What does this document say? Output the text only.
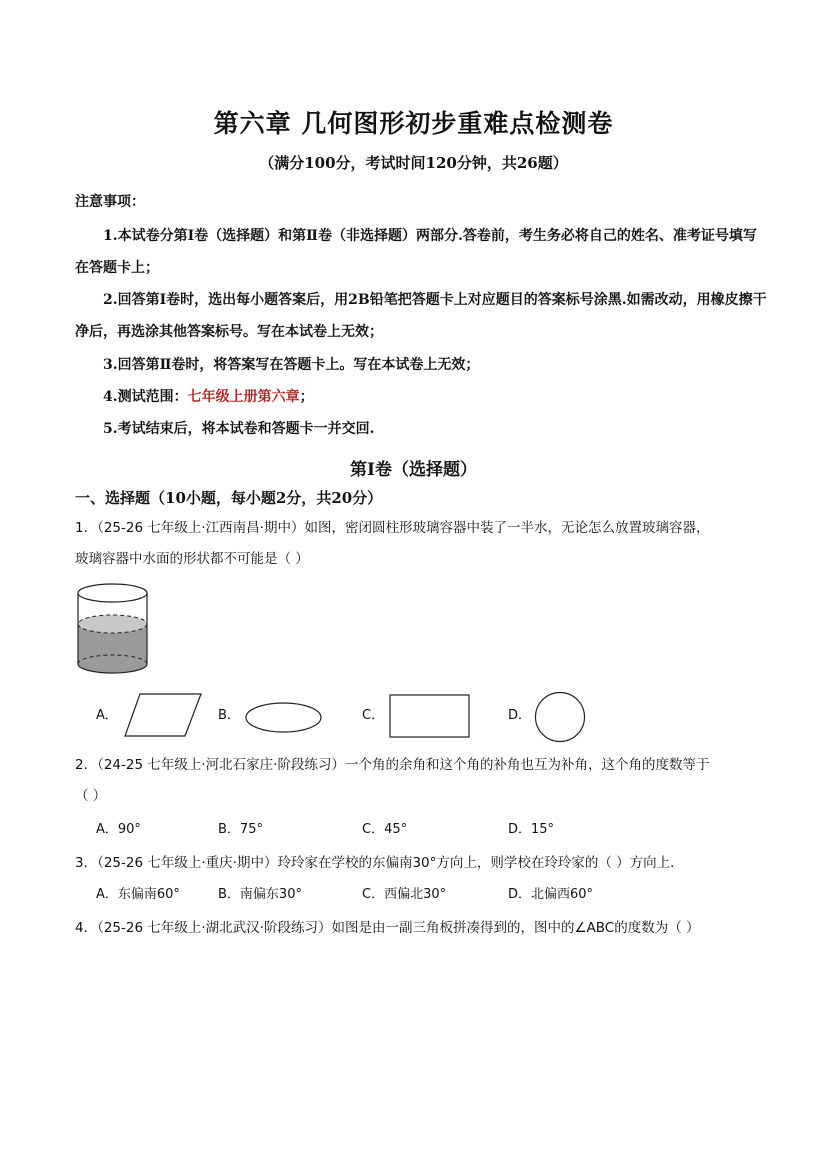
第六章 几何图形初步重难点检测卷
（满分100分，考试时间120分钟，共26题）
注意事项：
1.本试卷分第Ⅰ卷（选择题）和第Ⅱ卷（非选择题）两部分.答卷前，考生务必将自己的姓名、准考证号填写
在答题卡上；
2.回答第Ⅰ卷时，选出每小题答案后，用2B铅笔把答题卡上对应题目的答案标号涂黑.如需改动，用橡皮擦干
净后，再选涂其他答案标号。写在本试卷上无效；
3.回答第Ⅱ卷时，将答案写在答题卡上。写在本试卷上无效；
4.测试范围：七年级上册第六章；
5.考试结束后，将本试卷和答题卡一并交回.
第Ⅰ卷（选择题）
一、选择题（10小题，每小题2分，共20分）
1．（25-26 七年级上·江西南昌·期中）如图，密闭圆柱形玻璃容器中装了一半水，无论怎么放置玻璃容器，
玻璃容器中水面的形状都不可能是（ ）
A．	B．	C．	D．
2．（24-25 七年级上·河北石家庄·阶段练习）一个角的余角和这个角的补角也互为补角，这个角的度数等于
（ ）
A．90°	B．75°	C．45°	D．15°
3．（25-26 七年级上·重庆·期中）玲玲家在学校的东偏南30°方向上，则学校在玲玲家的（ ）方向上．
A．东偏南60°	B．南偏东30°	C．西偏北30°	D．北偏西60°
4．（25-26 七年级上·湖北武汉·阶段练习）如图是由一副三角板拼凑得到的，图中的∠ABC的度数为（ ）
